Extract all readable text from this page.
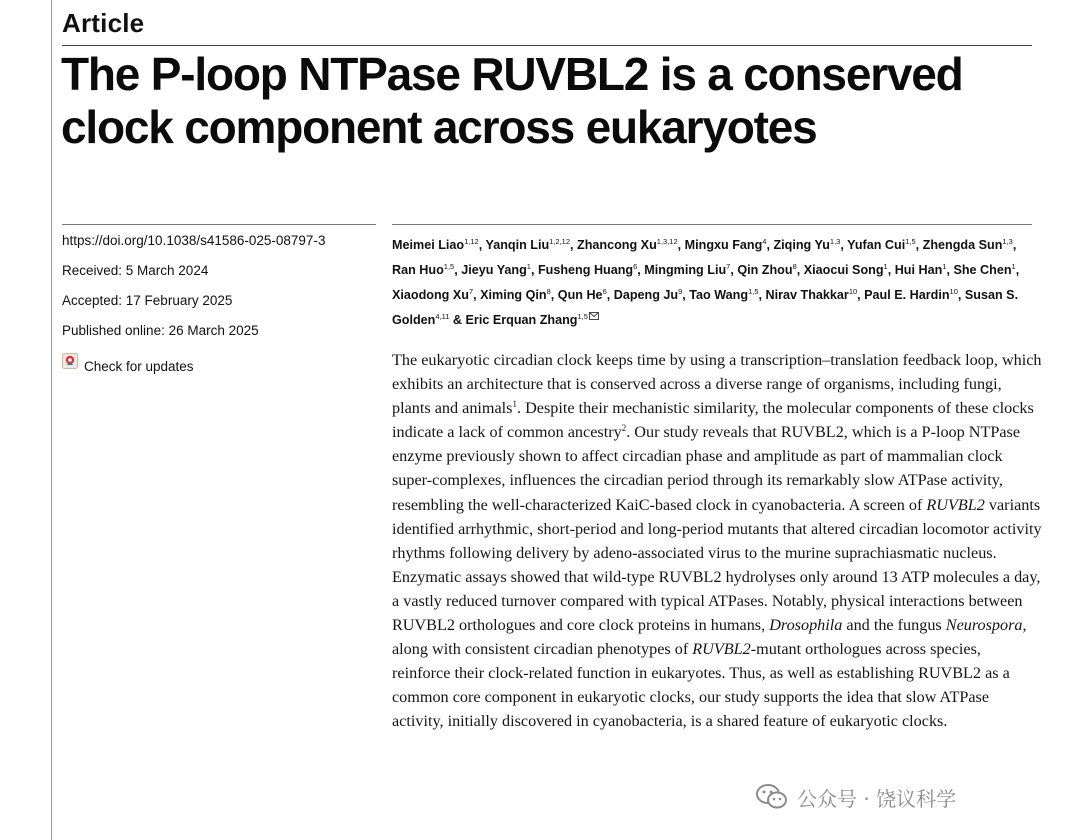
Article
The P-loop NTPase RUVBL2 is a conserved clock component across eukaryotes
https://doi.org/10.1038/s41586-025-08797-3
Received: 5 March 2024
Accepted: 17 February 2025
Published online: 26 March 2025
Check for updates
Meimei Liao$^{1,12}$, Yanqin Liu$^{1,2,12}$, Zhancong Xu$^{1,3,12}$, Mingxu Fang$^4$, Ziqing Yu$^{1,3}$, Yufan Cui$^{1,5}$, Zhengda Sun$^{1,3}$, Ran Huo$^{1,5}$, Jieyu Yang$^1$, Fusheng Huang$^6$, Mingming Liu$^7$, Qin Zhou$^8$, Xiaocui Song$^1$, Hui Han$^1$, She Chen$^1$, Xiaodong Xu$^7$, Ximing Qin$^8$, Qun He$^6$, Dapeng Ju$^9$, Tao Wang$^{1,5}$, Nirav Thakkar$^{10}$, Paul E. Hardin$^{10}$, Susan S. Golden$^{4,11}$ & Eric Erquan Zhang$^{1,5}$

The eukaryotic circadian clock keeps time by using a transcription–translation feedback loop, which exhibits an architecture that is conserved across a diverse range of organisms, including fungi, plants and animals$^1$. Despite their mechanistic similarity, the molecular components of these clocks indicate a lack of common ancestry$^2$. Our study reveals that RUVBL2, which is a P-loop NTPase enzyme previously shown to affect circadian phase and amplitude as part of mammalian clock super-complexes, influences the circadian period through its remarkably slow ATPase activity, resembling the well-characterized KaiC-based clock in cyanobacteria. A screen of RUVBL2 variants identified arrhythmic, short-period and long-period mutants that altered circadian locomotor activity rhythms following delivery by adeno-associated virus to the murine suprachiasmatic nucleus. Enzymatic assays showed that wild-type RUVBL2 hydrolyses only around 13 ATP molecules a day, a vastly reduced turnover compared with typical ATPases. Notably, physical interactions between RUVBL2 orthologues and core clock proteins in humans, Drosophila and the fungus Neurospora, along with consistent circadian phenotypes of RUVBL2-mutant orthologues across species, reinforce their clock-related function in eukaryotes. Thus, as well as establishing RUVBL2 as a common core component in eukaryotic clocks, our study supports the idea that slow ATPase activity, initially discovered in cyanobacteria, is a shared feature of eukaryotic clocks.

公众号 · 饶议科学
